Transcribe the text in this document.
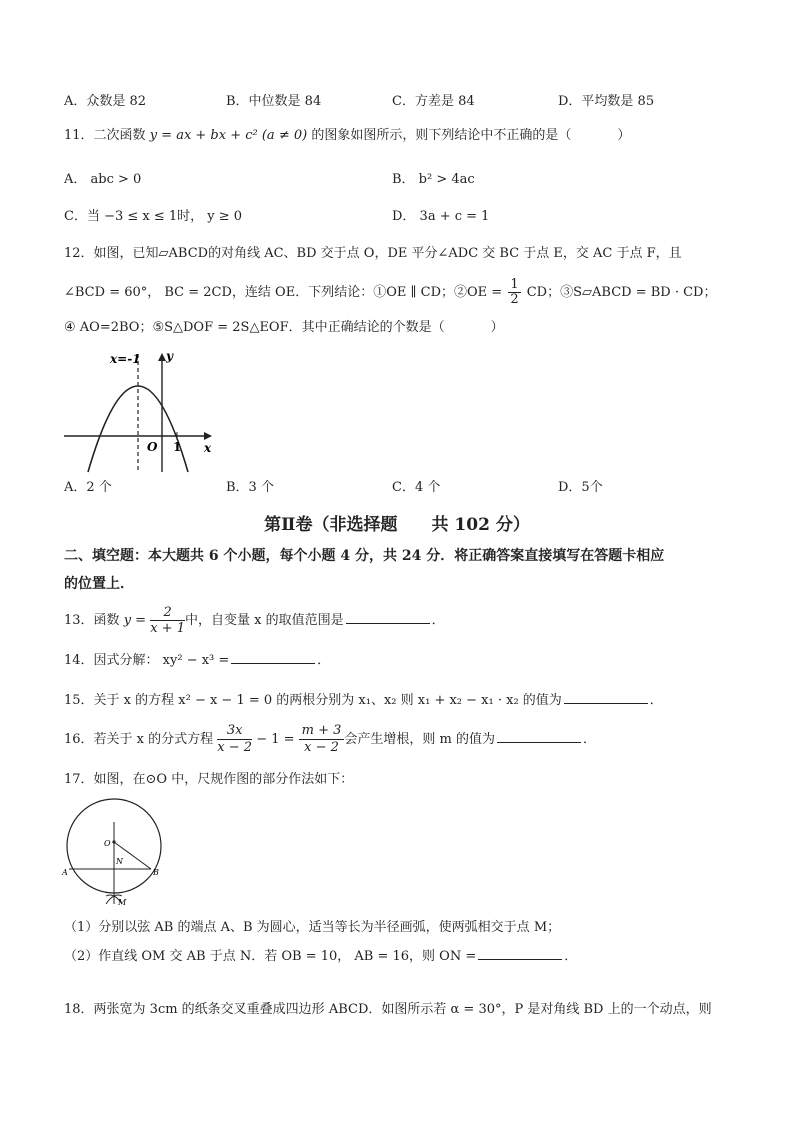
A．众数是 82	B．中位数是 84	C．方差是 84	D．平均数是 85
11．二次函数 y = ax + bx + c² (a ≠ 0) 的图象如图所示，则下列结论中不正确的是（	）
A． abc > 0	B． b² > 4ac
C．当 −3 ≤ x ≤ 1时， y ≥ 0	D． 3a + c = 1
12．如图，已知▱ABCD的对角线 AC、BD 交于点 O，DE 平分∠ADC 交 BC 于点 E，交 AC 于点 F，且
∠BCD = 60°， BC = 2CD，连结 OE．下列结论：①OE ∥ CD；②OE = $\frac{1}{2}$ CD；③S▱ABCD = BD · CD；
④ AO=2BO；⑤S△DOF = 2S△EOF．其中正确结论的个数是（	）
x=-1 y
x
O 1
A．2 个	B．3 个	C．4 个	D．5个
第Ⅱ卷（非选择题　　共 102 分）
二、填空题：本大题共 6 个小题，每个小题 4 分，共 24 分．将正确答案直接填写在答题卡相应
的位置上．
13．函数 $y = \frac{2}{x + 1}$ 中，自变量 x 的取值范围是	．
14．因式分解： xy² − x³ =	．
15．关于 x 的方程 x² − x − 1 = 0 的两根分别为 x₁、x₂ 则 x₁ + x₂ − x₁ · x₂ 的值为	．
16．若关于 x 的分式方程 $\frac{3x}{x - 2} - 1 = \frac{m + 3}{x - 2}$ 会产生增根，则 m 的值为	．
17．如图，在⊙O 中，尺规作图的部分作法如下：
O
N
A	B
M
（1）分别以弦 AB 的端点 A、B 为圆心，适当等长为半径画弧，使两弧相交于点 M；
（2）作直线 OM 交 AB 于点 N．若 OB = 10， AB = 16，则 ON =	．
18．两张宽为 3cm 的纸条交叉重叠成四边形 ABCD．如图所示若 α = 30°，P 是对角线 BD 上的一个动点，则
